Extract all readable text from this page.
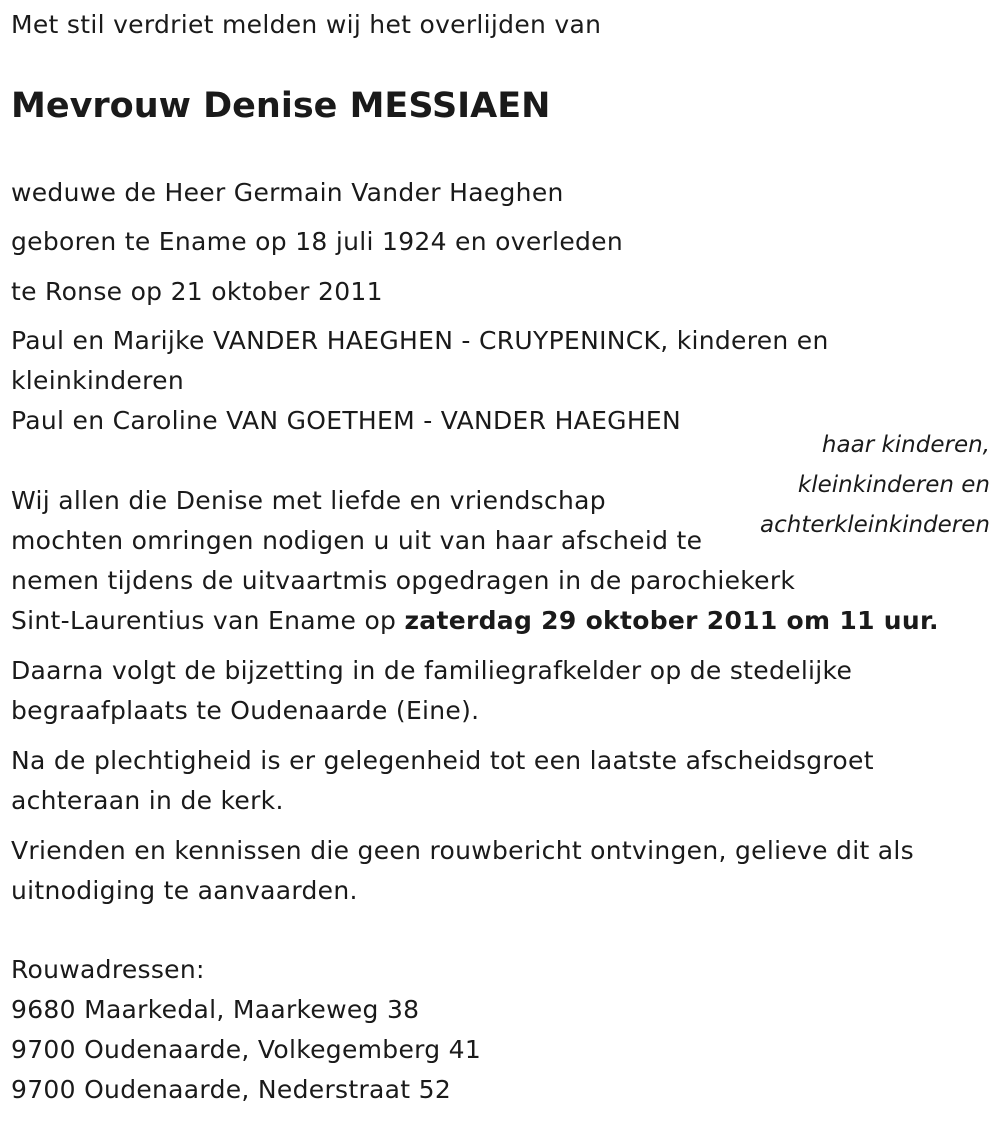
Met stil verdriet melden wij het overlijden van
Mevrouw Denise MESSIAEN
weduwe de Heer Germain Vander Haeghen
geboren te Ename op 18 juli 1924 en overleden
te Ronse op 21 oktober 2011
Paul en Marijke VANDER HAEGHEN - CRUYPENINCK, kinderen en
kleinkinderen
Paul en Caroline VAN GOETHEM - VANDER HAEGHEN
haar kinderen,
kleinkinderen en
achterkleinkinderen
Wij allen die Denise met liefde en vriendschap
mochten omringen nodigen u uit van haar afscheid te
nemen tijdens de uitvaartmis opgedragen in de parochiekerk
Sint-Laurentius van Ename op zaterdag 29 oktober 2011 om 11 uur.
Daarna volgt de bijzetting in de familiegrafkelder op de stedelijke
begraafplaats te Oudenaarde (Eine).
Na de plechtigheid is er gelegenheid tot een laatste afscheidsgroet
achteraan in de kerk.
Vrienden en kennissen die geen rouwbericht ontvingen, gelieve dit als
uitnodiging te aanvaarden.
Rouwadressen:
9680 Maarkedal, Maarkeweg 38
9700 Oudenaarde, Volkegemberg 41
9700 Oudenaarde, Nederstraat 52
